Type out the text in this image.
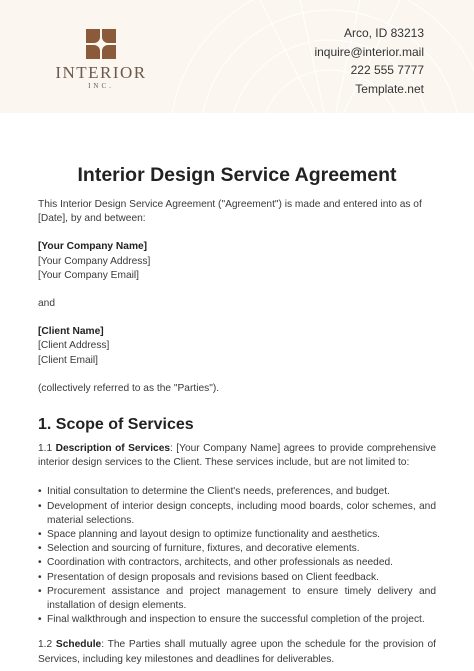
INTERIOR
INC.
Arco, ID 83213
inquire@interior.mail
222 555 7777
Template.net
Interior Design Service Agreement

This Interior Design Service Agreement ("Agreement") is made and entered into as of [Date], by and between:

[Your Company Name]
[Your Company Address]
[Your Company Email]

and

[Client Name]
[Client Address]
[Client Email]

(collectively referred to as the "Parties").

1. Scope of Services

1.1 Description of Services: [Your Company Name] agrees to provide comprehensive interior design services to the Client. These services include, but are not limited to:

• Initial consultation to determine the Client's needs, preferences, and budget.
• Development of interior design concepts, including mood boards, color schemes, and material selections.
• Space planning and layout design to optimize functionality and aesthetics.
• Selection and sourcing of furniture, fixtures, and decorative elements.
• Coordination with contractors, architects, and other professionals as needed.
• Presentation of design proposals and revisions based on Client feedback.
• Procurement assistance and project management to ensure timely delivery and installation of design elements.
• Final walkthrough and inspection to ensure the successful completion of the project.

1.2 Schedule: The Parties shall mutually agree upon the schedule for the provision of Services, including key milestones and deadlines for deliverables.
